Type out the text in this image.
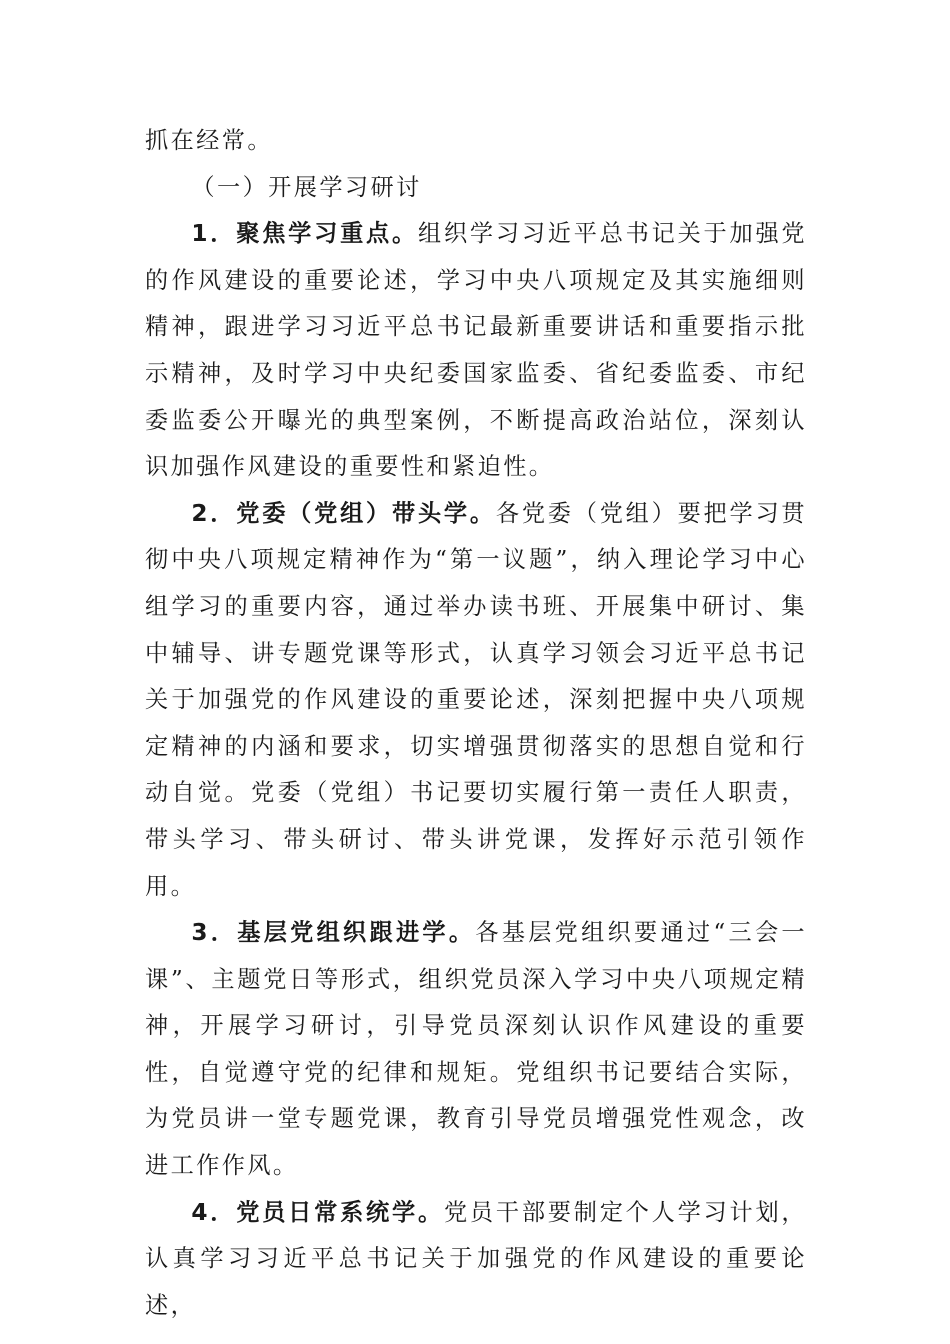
抓在经常。

（一）开展学习研讨

1．聚焦学习重点。组织学习习近平总书记关于加强党的作风建设的重要论述，学习中央八项规定及其实施细则精神，跟进学习习近平总书记最新重要讲话和重要指示批示精神，及时学习中央纪委国家监委、省纪委监委、市纪委监委公开曝光的典型案例，不断提高政治站位，深刻认识加强作风建设的重要性和紧迫性。

2．党委（党组）带头学。各党委（党组）要把学习贯彻中央八项规定精神作为“第一议题”，纳入理论学习中心组学习的重要内容，通过举办读书班、开展集中研讨、集中辅导、讲专题党课等形式，认真学习领会习近平总书记关于加强党的作风建设的重要论述，深刻把握中央八项规定精神的内涵和要求，切实增强贯彻落实的思想自觉和行动自觉。党委（党组）书记要切实履行第一责任人职责，带头学习、带头研讨、带头讲党课，发挥好示范引领作用。

3．基层党组织跟进学。各基层党组织要通过“三会一课”、主题党日等形式，组织党员深入学习中央八项规定精神，开展学习研讨，引导党员深刻认识作风建设的重要性，自觉遵守党的纪律和规矩。党组织书记要结合实际，为党员讲一堂专题党课，教育引导党员增强党性观念，改进工作作风。

4．党员日常系统学。党员干部要制定个人学习计划，认真学习习近平总书记关于加强党的作风建设的重要论述，
